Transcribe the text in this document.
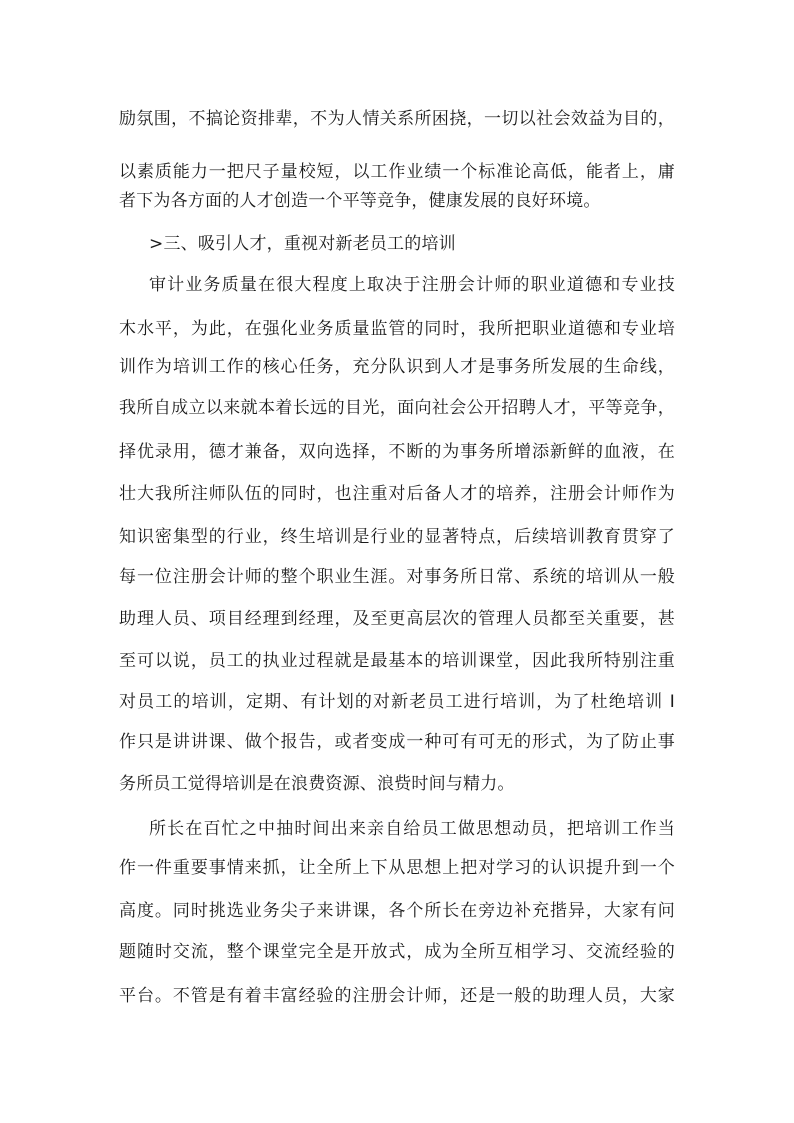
励氛围，不搞论资排辈，不为人情关系所困挠，一切以社会效益为目的，
以素质能力一把尺子量校短，以工作业绩一个标准论高低，能者上，庸
者下为各方面的人才创造一个平等竞争，健康发展的良好环境。
>三、吸引人才，重视对新老员工的培训
审计业务质量在很大程度上取决于注册会计师的职业道德和专业技
木水平，为此，在强化业务质量监管的同时，我所把职业道德和专业培
训作为培训工作的核心任务，充分队识到人才是事务所发展的生命线，
我所自成立以来就本着长远的目光，面向社会公开招聘人才，平等竞争，
择优录用，德才兼备，双向选择，不断的为事务所增添新鲜的血液，在
壮大我所注师队伍的同时，也注重对后备人才的培养，注册会计师作为
知识密集型的行业，终生培训是行业的显著特点，后续培训教育贯穿了
每一位注册会计师的整个职业生涯。对事务所日常、系统的培训从一般
助理人员、项目经理到经理，及至更高层次的管理人员都至关重要，甚
至可以说，员工的执业过程就是最基本的培训课堂，因此我所特别注重
对员工的培训，定期、有计划的对新老员工进行培训，为了杜绝培训 I
作只是讲讲课、做个报告，或者变成一种可有可无的形式，为了防止事
务所员工觉得培训是在浪费资源、浪赀时间与精力。
所长在百忙之中抽时间出来亲自给员工做思想动员，把培训工作当
作一件重要事情来抓，让全所上下从思想上把对学习的认识提升到一个
高度。同时挑选业务尖子来讲课，各个所长在旁边补充揩异，大家有问
题随时交流，整个课堂完全是开放式，成为全所互相学习、交流经验的
平台。不管是有着丰富经验的注册会计师，还是一般的助理人员，大家
